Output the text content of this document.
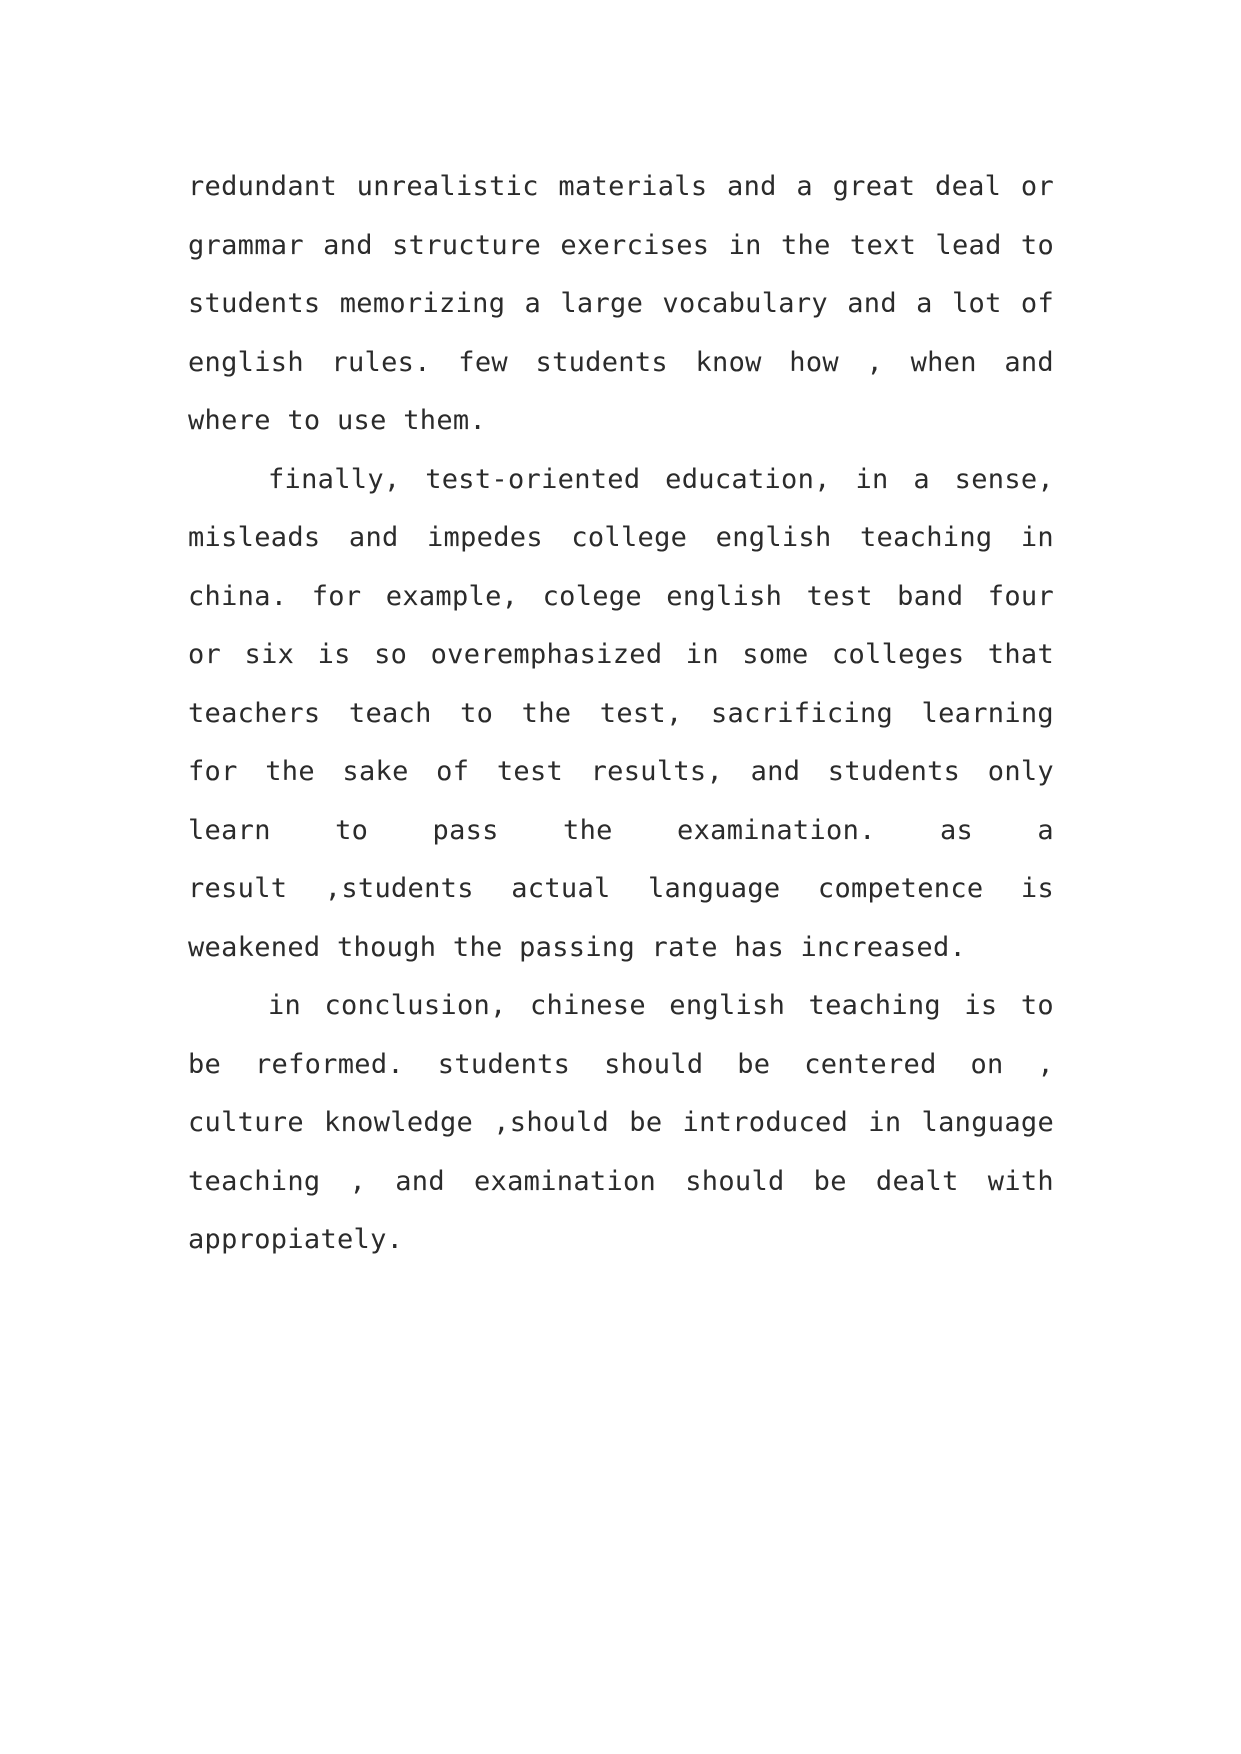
redundant unrealistic materials and a great deal or
grammar and structure exercises in the text lead to
students memorizing a large vocabulary and a lot of
english rules. few students know how , when and
where to use them.
finally, test-oriented education, in a sense,
misleads and impedes college english teaching in
china. for example, colege english test band four
or six is so overemphasized in some colleges that
teachers teach to the test, sacrificing learning
for the sake of test results, and students only
learn to pass the examination. as a
result ,students actual language competence is
weakened though the passing rate has increased.
in conclusion, chinese english teaching is to
be reformed. students should be centered on ,
culture knowledge ,should be introduced in language
teaching , and examination should be dealt with
appropiately.
